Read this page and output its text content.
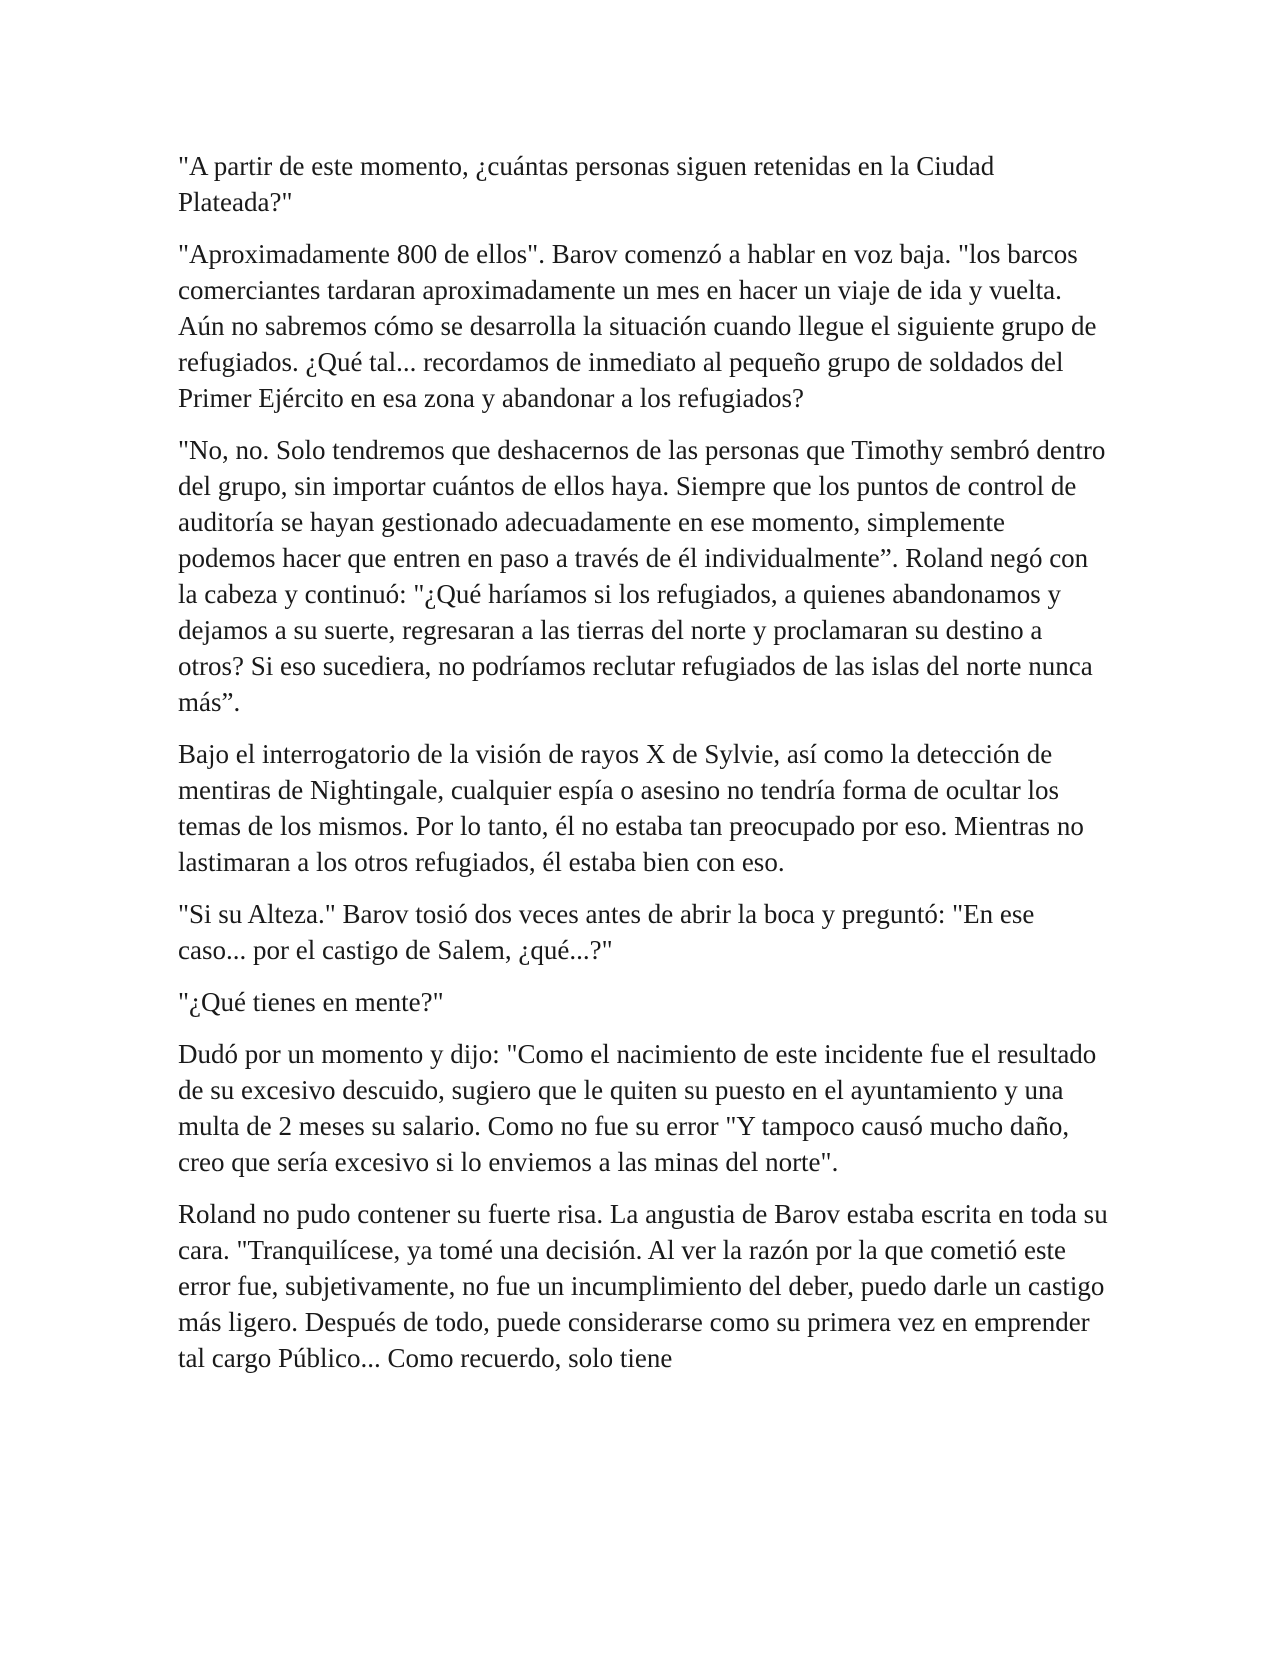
"A partir de este momento, ¿cuántas personas siguen retenidas en la Ciudad Plateada?"

"Aproximadamente 800 de ellos". Barov comenzó a hablar en voz baja. "los barcos comerciantes tardaran aproximadamente un mes en hacer un viaje de ida y vuelta. Aún no sabremos cómo se desarrolla la situación cuando llegue el siguiente grupo de refugiados. ¿Qué tal... recordamos de inmediato al pequeño grupo de soldados del Primer Ejército en esa zona y abandonar a los refugiados?

"No, no. Solo tendremos que deshacernos de las personas que Timothy sembró dentro del grupo, sin importar cuántos de ellos haya. Siempre que los puntos de control de auditoría se hayan gestionado adecuadamente en ese momento, simplemente podemos hacer que entren en paso a través de él individualmente”. Roland negó con la cabeza y continuó: "¿Qué haríamos si los refugiados, a quienes abandonamos y dejamos a su suerte, regresaran a las tierras del norte y proclamaran su destino a otros? Si eso sucediera, no podríamos reclutar refugiados de las islas del norte nunca más”.

Bajo el interrogatorio de la visión de rayos X de Sylvie, así como la detección de mentiras de Nightingale, cualquier espía o asesino no tendría forma de ocultar los temas de los mismos. Por lo tanto, él no estaba tan preocupado por eso. Mientras no lastimaran a los otros refugiados, él estaba bien con eso.

"Si su Alteza." Barov tosió dos veces antes de abrir la boca y preguntó: "En ese caso... por el castigo de Salem, ¿qué...?"

"¿Qué tienes en mente?"

Dudó por un momento y dijo: "Como el nacimiento de este incidente fue el resultado de su excesivo descuido, sugiero que le quiten su puesto en el ayuntamiento y una multa de 2 meses su salario. Como no fue su error "Y tampoco causó mucho daño, creo que sería excesivo si lo enviemos a las minas del norte".

Roland no pudo contener su fuerte risa. La angustia de Barov estaba escrita en toda su cara. "Tranquilícese, ya tomé una decisión. Al ver la razón por la que cometió este error fue, subjetivamente, no fue un incumplimiento del deber, puedo darle un castigo más ligero. Después de todo, puede considerarse como su primera vez en emprender tal cargo Público... Como recuerdo, solo tiene
